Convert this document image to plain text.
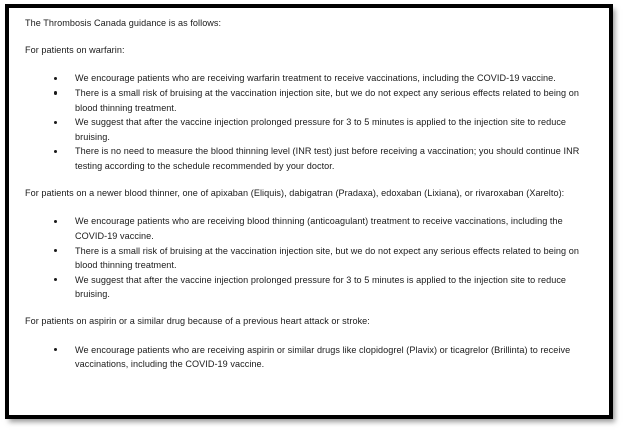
The Thrombosis Canada guidance is as follows:

For patients on warfarin:

We encourage patients who are receiving warfarin treatment to receive vaccinations, including the COVID-19 vaccine.
There is a small risk of bruising at the vaccination injection site, but we do not expect any serious effects related to being on blood thinning treatment.
We suggest that after the vaccine injection prolonged pressure for 3 to 5 minutes is applied to the injection site to reduce bruising.
There is no need to measure the blood thinning level (INR test) just before receiving a vaccination; you should continue INR testing according to the schedule recommended by your doctor.

For patients on a newer blood thinner, one of apixaban (Eliquis), dabigatran (Pradaxa), edoxaban (Lixiana), or rivaroxaban (Xarelto):

We encourage patients who are receiving blood thinning (anticoagulant) treatment to receive vaccinations, including the COVID-19 vaccine.
There is a small risk of bruising at the vaccination injection site, but we do not expect any serious effects related to being on blood thinning treatment.
We suggest that after the vaccine injection prolonged pressure for 3 to 5 minutes is applied to the injection site to reduce bruising.

For patients on aspirin or a similar drug because of a previous heart attack or stroke:

We encourage patients who are receiving aspirin or similar drugs like clopidogrel (Plavix) or ticagrelor (Brillinta) to receive vaccinations, including the COVID-19 vaccine.
